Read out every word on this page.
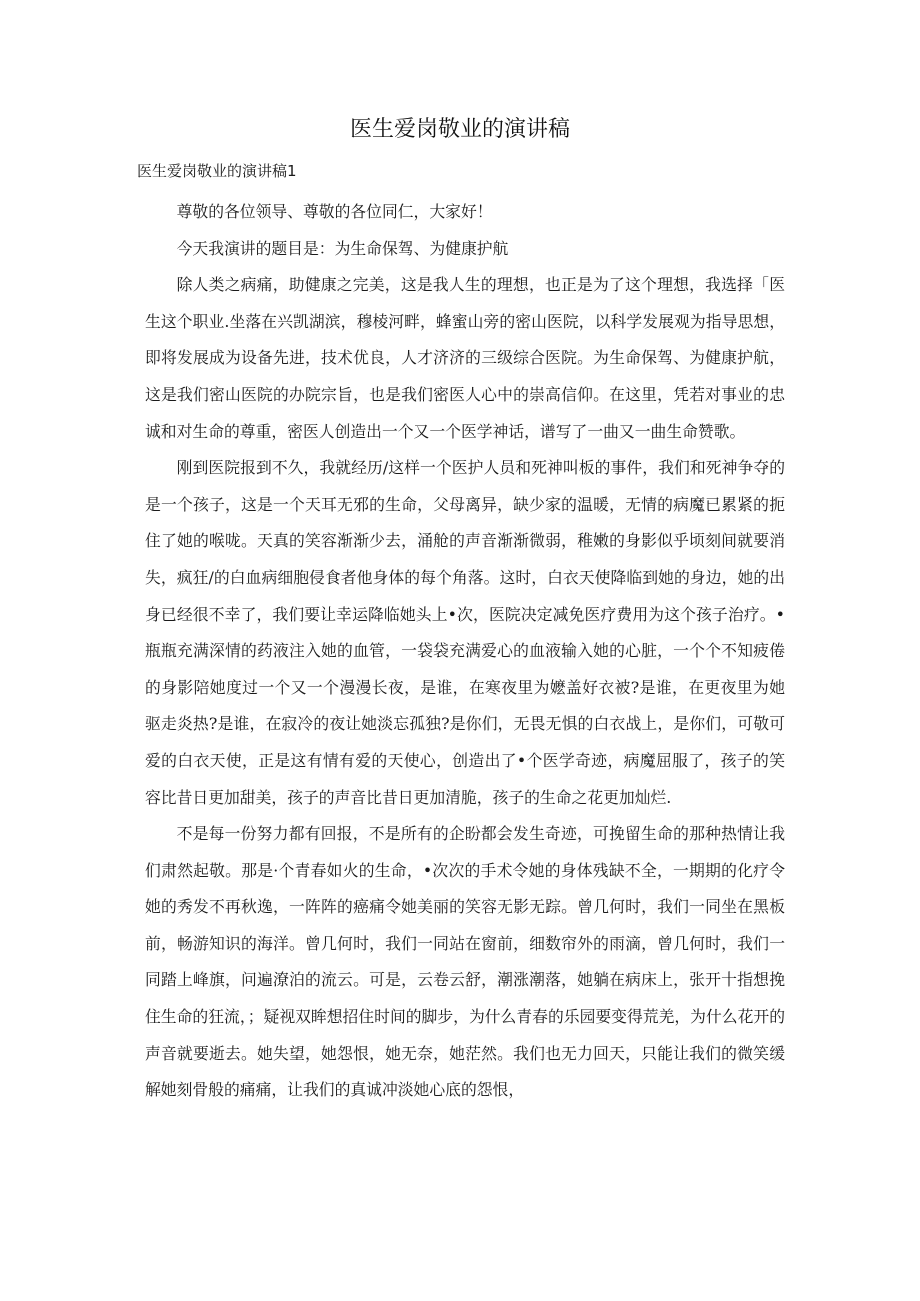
医生爱岗敬业的演讲稿

医生爱岗敬业的演讲稿1

尊敬的各位领导、尊敬的各位同仁，大家好！

今天我演讲的题目是：为生命保驾、为健康护航

除人类之病痛，助健康之完美，这是我人生的理想，也正是为了这个理想，我选择「医生这个职业.坐落在兴凯湖滨，穆棱河畔，蜂蜜山旁的密山医院，以科学发展观为指导思想，即将发展成为设备先进，技术优良，人才济济的三级综合医院。为生命保驾、为健康护航，这是我们密山医院的办院宗旨，也是我们密医人心中的崇高信仰。在这里，凭若对事业的忠诚和对生命的尊重，密医人创造出一个又一个医学神话，谱写了一曲又一曲生命赞歌。

刚到医院报到不久，我就经历/这样一个医护人员和死神叫板的事件，我们和死神争夺的是一个孩子，这是一个天耳无邪的生命，父母离异，缺少家的温暖，无情的病魔已累紧的扼住了她的喉咙。天真的笑容渐渐少去，涌舱的声音渐渐微弱，稚嫩的身影似乎顷刻间就要消失，疯狂/的白血病细胞侵食者他身体的每个角落。这时，白衣天使降临到她的身边，她的出身已经很不幸了，我们要让幸运降临她头上•次，医院决定减免医疗费用为这个孩子治疗。•瓶瓶充满深情的药液注入她的血管，一袋袋充满爱心的血液输入她的心脏，一个个不知疲倦的身影陪她度过一个又一个漫漫长夜，是谁，在寒夜里为嬷盖好衣被?是谁，在更夜里为她驱走炎热?是谁，在寂冷的夜让她淡忘孤独?是你们，无畏无惧的白衣战上，是你们，可敬可爱的白衣天使，正是这有情有爱的天使心，创造出了•个医学奇迹，病魔屈服了，孩子的笑容比昔日更加甜美，孩子的声音比昔日更加清脆，孩子的生命之花更加灿烂.

不是每一份努力都有回报，不是所有的企盼都会发生奇迹，可挽留生命的那种热情让我们肃然起敬。那是·个青春如火的生命，•次次的手术令她的身体残缺不全，一期期的化疗令她的秀发不再秋逸，一阵阵的癌痛令她美丽的笑容无影无踪。曾几何时，我们一同坐在黑板前，畅游知识的海洋。曾几何时，我们一同站在窗前，细数帘外的雨滴，曾几何时，我们一同踏上峰旗，问遍潦泊的流云。可是，云卷云舒，潮涨潮落，她躺在病床上，张开十指想挽住生命的狂流，；疑视双眸想招住时间的脚步，为什么青春的乐园要变得荒羌，为什么花开的声音就要逝去。她失望，她怨恨，她无奈，她茫然。我们也无力回天，只能让我们的微笑缓解她刻骨般的痛痛，让我们的真诚冲淡她心底的怨恨，
